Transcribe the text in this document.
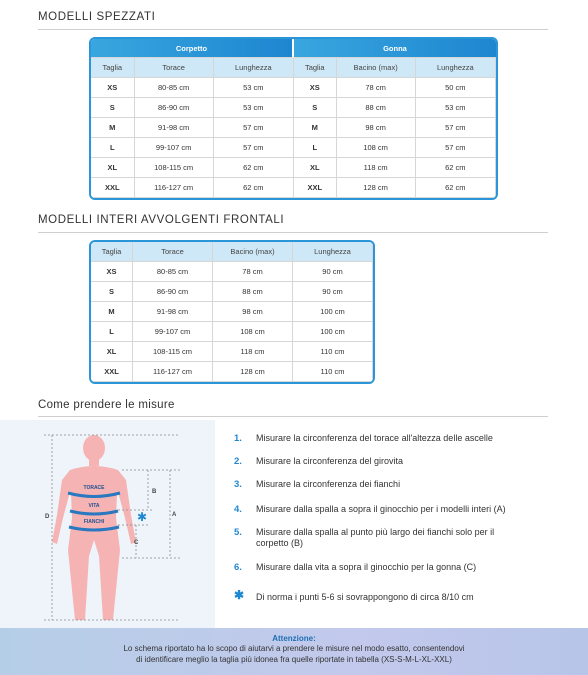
MODELLI SPEZZATI
Corpetto			Gonna		
Taglia	Torace	Lunghezza	Taglia	Bacino (max)	Lunghezza
XS	80-85 cm	53 cm	XS	78 cm	50 cm
S	86-90 cm	53 cm	S	88 cm	53 cm
M	91-98 cm	57 cm	M	98 cm	57 cm
L	99-107 cm	57 cm	L	108 cm	57 cm
XL	108-115 cm	62 cm	XL	118 cm	62 cm
XXL	116-127 cm	62 cm	XXL	128 cm	62 cm
MODELLI INTERI AVVOLGENTI FRONTALI
Taglia	Torace	Bacino (max)	Lunghezza
XS	80-85 cm	78 cm	90 cm
S	86-90 cm	88 cm	90 cm
M	91-98 cm	98 cm	100 cm
L	99-107 cm	108 cm	100 cm
XL	108-115 cm	118 cm	110 cm
XXL	116-127 cm	128 cm	110 cm
Come prendere le misure
TORACE
VITA
FIANCHI
D	A
B
C
✱
1. Misurare la circonferenza del torace all'altezza delle ascelle
2. Misurare la circonferenza del girovita
3. Misurare la circonferenza dei fianchi
4. Misurare dalla spalla a sopra il ginocchio per i modelli interi (A)
5. Misurare dalla spalla al punto più largo dei fianchi solo per il corpetto (B)
6. Misurare dalla vita a sopra il ginocchio per la gonna (C)
✱ Di norma i punti 5-6 si sovrappongono di circa 8/10 cm
Attenzione:
Lo schema riportato ha lo scopo di aiutarvi a prendere le misure nel modo esatto, consentendovi
di identificare meglio la taglia più idonea fra quelle riportate in tabella (XS-S-M-L-XL-XXL)
